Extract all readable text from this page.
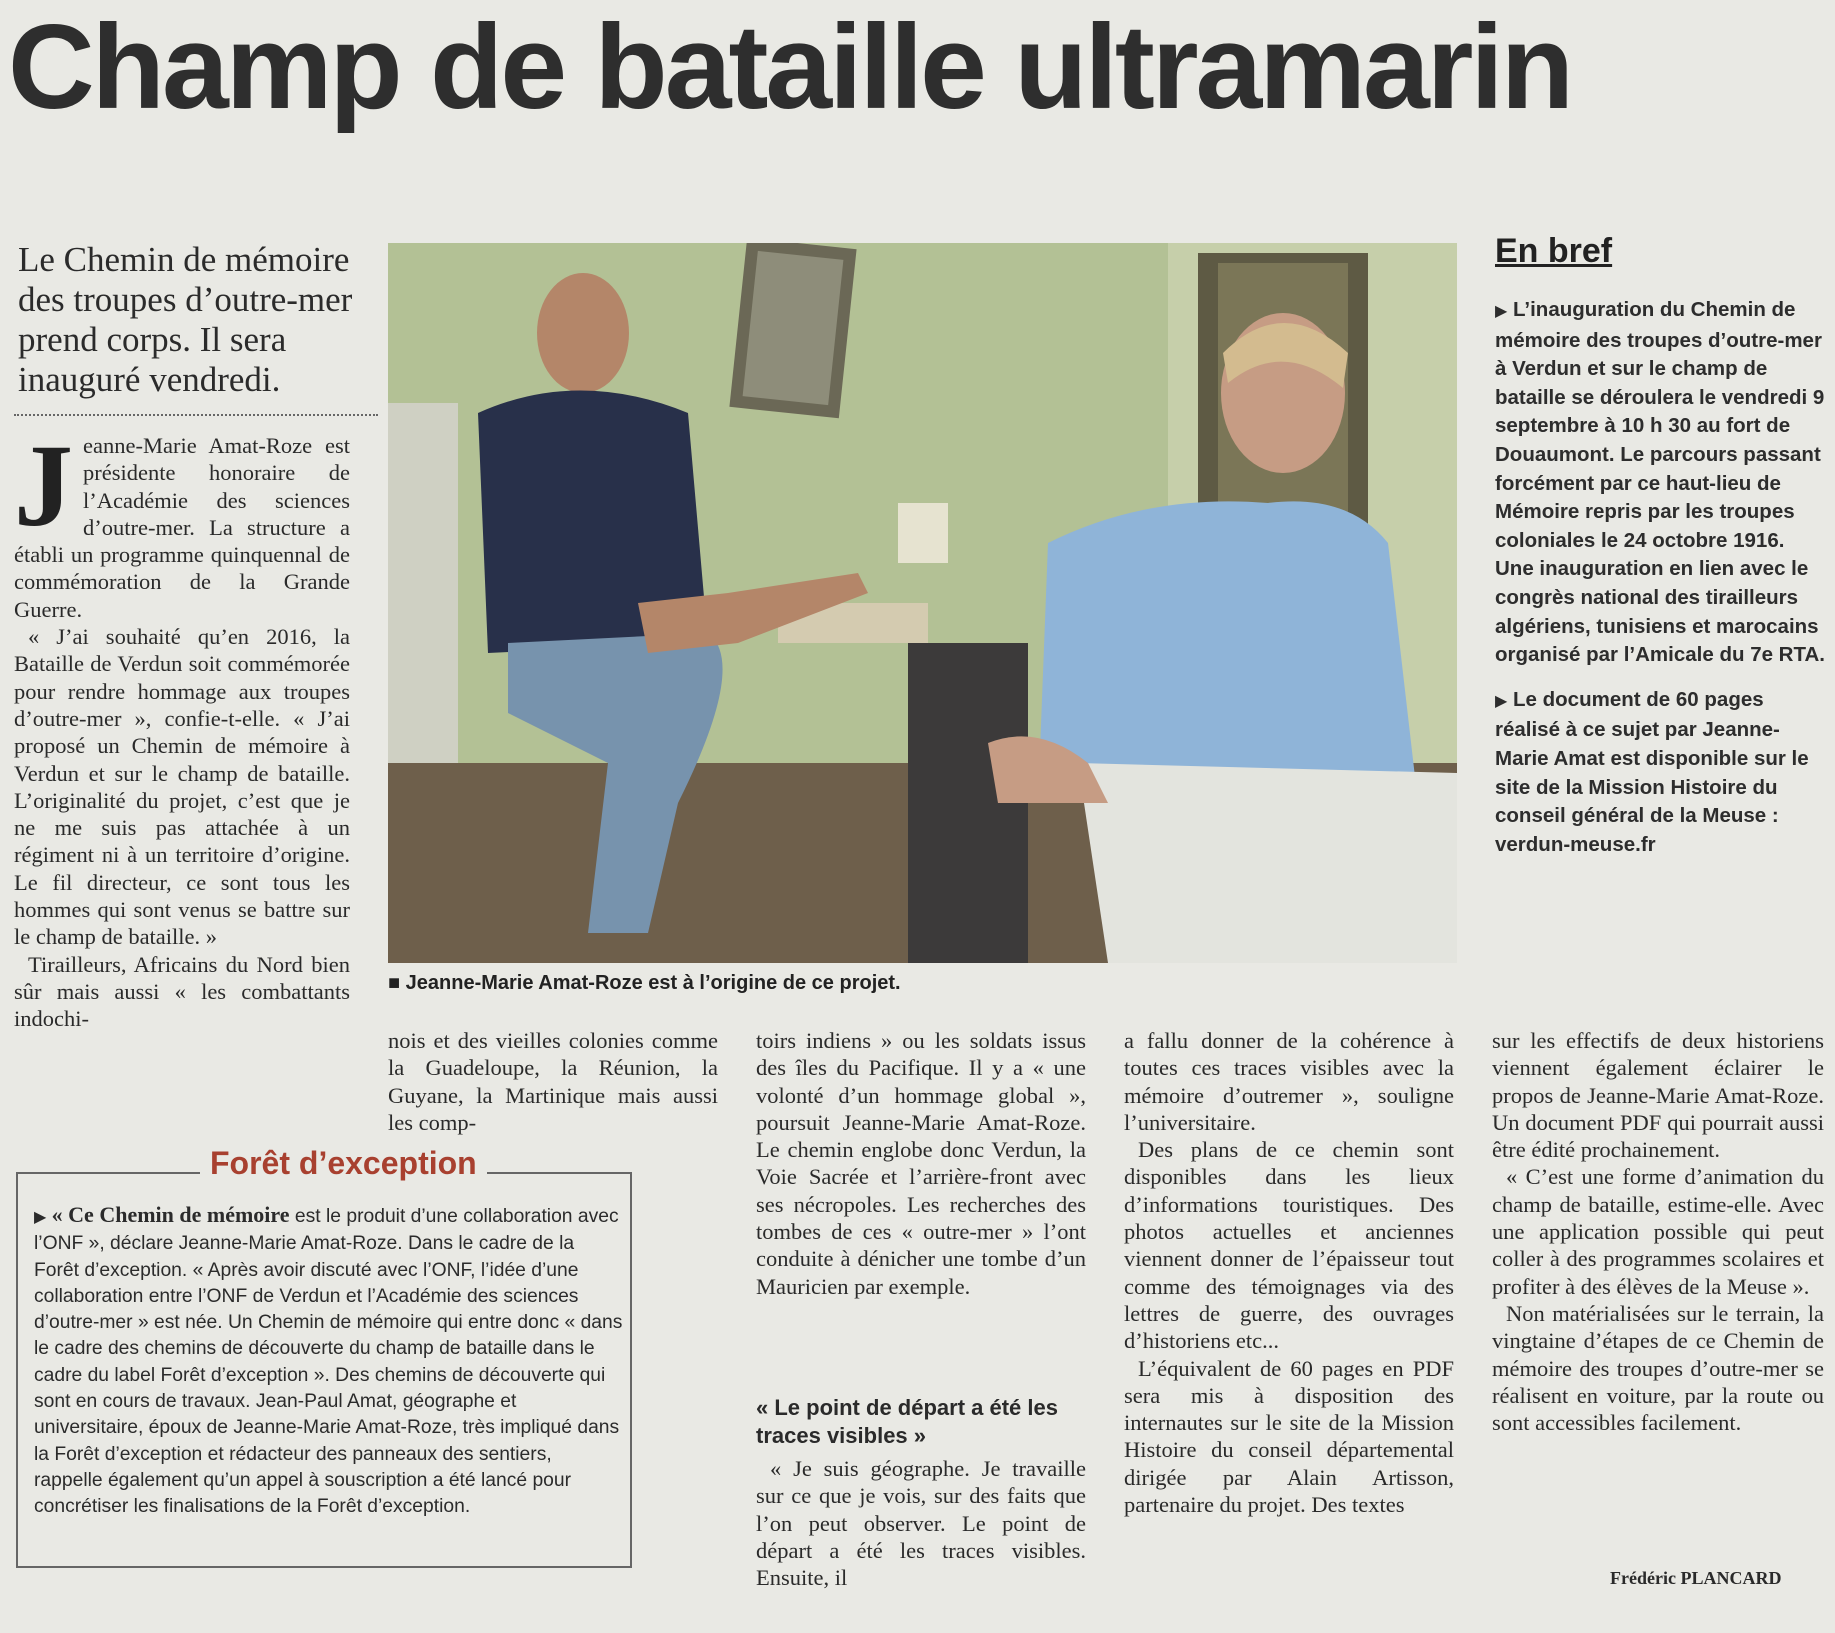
Champ de bataille ultramarin
Le Chemin de mémoire des troupes d’outre-mer prend corps. Il sera inauguré vendredi.

Jeanne-Marie Amat-Roze est présidente honoraire de l’Académie des sciences d’outre-mer. La structure a établi un programme quinquennal de commémoration de la Grande Guerre.

« J’ai souhaité qu’en 2016, la Bataille de Verdun soit commémorée pour rendre hommage aux troupes d’outre-mer », confie-t-elle. « J’ai proposé un Chemin de mémoire à Verdun et sur le champ de bataille. L’originalité du projet, c’est que je ne me suis pas attachée à un régiment ni à un territoire d’origine. Le fil directeur, ce sont tous les hommes qui sont venus se battre sur le champ de bataille. »

Tirailleurs, Africains du Nord bien sûr mais aussi « les combattants indochi-

■ Jeanne-Marie Amat-Roze est à l’origine de ce projet.
En bref

▶ L’inauguration du Chemin de mémoire des troupes d’outre-mer à Verdun et sur le champ de bataille se déroulera le vendredi 9 septembre à 10 h 30 au fort de Douaumont. Le parcours passant forcément par ce haut-lieu de Mémoire repris par les troupes coloniales le 24 octobre 1916. Une inauguration en lien avec le congrès national des tirailleurs algériens, tunisiens et marocains organisé par l’Amicale du 7e RTA.

▶ Le document de 60 pages réalisé à ce sujet par Jeanne-Marie Amat est disponible sur le site de la Mission Histoire du conseil général de la Meuse :
verdun-meuse.fr

nois et des vieilles colonies comme la Guadeloupe, la Réunion, la Guyane, la Martinique mais aussi les comp-

toirs indiens » ou les soldats issus des îles du Pacifique. Il y a « une volonté d’un hommage global », poursuit Jeanne-Marie Amat-Roze. Le chemin englobe donc Verdun, la Voie Sacrée et l’arrière-front avec ses nécropoles. Les recherches des tombes de ces « outre-mer » l’ont conduite à dénicher une tombe d’un Mauricien par exemple.

« Le point de départ a été les traces visibles »

« Je suis géographe. Je travaille sur ce que je vois, sur des faits que l’on peut observer. Le point de départ a été les traces visibles. Ensuite, il

a fallu donner de la cohérence à toutes ces traces visibles avec la mémoire d’outremer », souligne l’universitaire.

Des plans de ce chemin sont disponibles dans les lieux d’informations touristiques. Des photos actuelles et anciennes viennent donner de l’épaisseur tout comme des témoignages via des lettres de guerre, des ouvrages d’historiens etc...

L’équivalent de 60 pages en PDF sera mis à disposition des internautes sur le site de la Mission Histoire du conseil départemental dirigée par Alain Artisson, partenaire du projet. Des textes

sur les effectifs de deux historiens viennent également éclairer le propos de Jeanne-Marie Amat-Roze. Un document PDF qui pourrait aussi être édité prochainement.

« C’est une forme d’animation du champ de bataille, estime-elle. Avec une application possible qui peut coller à des programmes scolaires et profiter à des élèves de la Meuse ».

Non matérialisées sur le terrain, la vingtaine d’étapes de ce Chemin de mémoire des troupes d’outre-mer se réalisent en voiture, par la route ou sont accessibles facilement.

Frédéric PLANCARD
Forêt d’exception
▶ « Ce Chemin de mémoire est le produit d’une collaboration avec l’ONF », déclare Jeanne-Marie Amat-Roze. Dans le cadre de la Forêt d’exception. « Après avoir discuté avec l’ONF, l’idée d’une collaboration entre l’ONF de Verdun et l’Académie des sciences d’outre-mer » est née. Un Chemin de mémoire qui entre donc « dans le cadre des chemins de découverte du champ de bataille dans le cadre du label Forêt d’exception ». Des chemins de découverte qui sont en cours de travaux. Jean-Paul Amat, géographe et universitaire, époux de Jeanne-Marie Amat-Roze, très impliqué dans la Forêt d’exception et rédacteur des panneaux des sentiers, rappelle également qu’un appel à souscription a été lancé pour concrétiser les finalisations de la Forêt d’exception.
